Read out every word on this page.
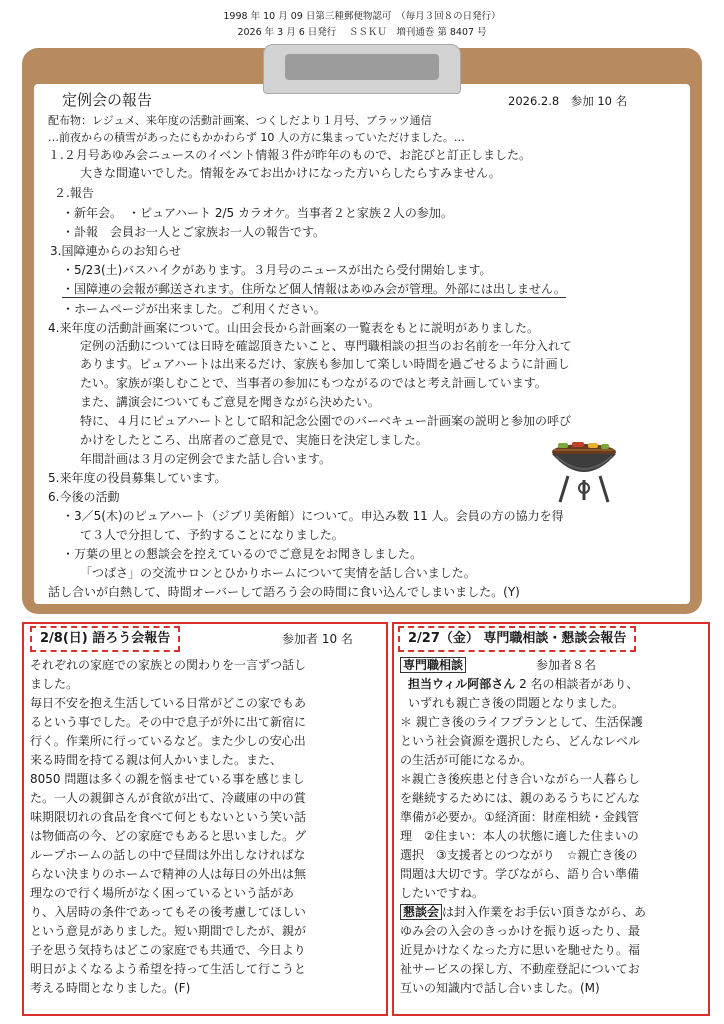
1998 年 10 月 09 日第三種郵便物認可　（毎月３回８の日発行）
2026 年 3 月 6 日発行　 ＳＳＫＵ　増刊通巻 第 8407 号
定例会の報告	2026.2.8　参加 10 名
配布物：レジュメ、来年度の活動計画案、つくしだより１月号、ブラッツ通信
…前夜からの積雪があったにもかかわらず 10 人の方に集まっていただけました。…
１.２月号あゆみ会ニュースのイベント情報３件が昨年のもので、お詫びと訂正しました。
大きな間違いでした。情報をみてお出かけになった方いらしたらすみません。
２.報告
・新年会。　・ピュアハート 2/5 カラオケ。当事者２と家族２人の参加。
・訃報　会員お一人とご家族お一人の報告です。
3.国障連からのお知らせ
・5/23(土)バスハイクがあります。３月号のニュースが出たら受付開始します。
・国障連の会報が郵送されます。住所など個人情報はあゆみ会が管理。外部には出しません。
・ホームページが出来ました。ご利用ください。
4.来年度の活動計画案について。山田会長から計画案の一覧表をもとに説明がありました。
定例の活動については日時を確認頂きたいこと、専門職相談の担当のお名前を一年分入れて
あります。ピュアハートは出来るだけ、家族も参加して楽しい時間を過ごせるように計画し
たい。家族が楽しむことで、当事者の参加にもつながるのではと考え計画しています。
また、講演会についてもご意見を聞きながら決めたい。
特に、４月にピュアハートとして昭和記念公園でのバーベキュー計画案の説明と参加の呼び
かけをしたところ、出席者のご意見で、実施日を決定しました。
年間計画は３月の定例会でまた話し合います。
5.来年度の役員募集しています。
6.今後の活動
・3／5(木)のピュアハート（ジブリ美術館）について。申込み数 11 人。会員の方の協力を得
て３人で分担して、予約することになりました。
・万葉の里との懇談会を控えているのでご意見をお聞きしました。
「つばさ」の交流サロンとひかりホームについて実情を話し合いました。
話し合いが白熱して、時間オーバーして語ろう会の時間に食い込んでしまいました。(Y)
2/8(日) 語ろう会報告	参加者 10 名
それぞれの家庭での家族との関わりを一言ずつ話し
ました。
毎日不安を抱え生活している日常がどこの家でもあ
るという事でした。その中で息子が外に出て新宿に
行く。作業所に行っているなど。また少しの安心出
来る時間を持てる親は何人かいました。また、
8050 問題は多くの親を悩ませている事を感じまし
た。一人の親御さんが食欲が出て、冷蔵庫の中の賞
味期限切れの食品を食べて何ともないという笑い話
は物価高の今、どの家庭でもあると思いました。グ
ループホームの話しの中で昼間は外出しなければな
らない決まりのホームで精神の人は毎日の外出は無
理なので行く場所がなく困っているという話があ
り、入居時の条件であってもその後考慮してほしい
という意見がありました。短い期間でしたが、親が
子を思う気持ちはどこの家庭でも共通で、今日より
明日がよくなるよう希望を持って生活して行こうと
考える時間となりました。(F)
2/27（金） 専門職相談・懇談会報告
専門職相談	参加者８名
担当ウィル阿部さん 2 名の相談者があり、
いずれも親亡き後の問題となりました。
＊ 親亡き後のライフプランとして、生活保護
という社会資源を選択したら、どんなレベル
の生活が可能になるか。
＊親亡き後疾患と付き合いながら一人暮らし
を継続するためには、親のあるうちにどんな
準備が必要か。①経済面：財産相続・金銭管
理　②住まい：本人の状態に適した住まいの
選択　③支援者とのつながり　☆親亡き後の
問題は大切です。学びながら、語り合い準備
したいですね。
懇談会 は封入作業をお手伝い頂きながら、あ
ゆみ会の入会のきっかけを振り返ったり、最
近見かけなくなった方に思いを馳せたり。福
祉サービスの探し方、不動産登記についてお
互いの知識内で話し合いました。(M)
